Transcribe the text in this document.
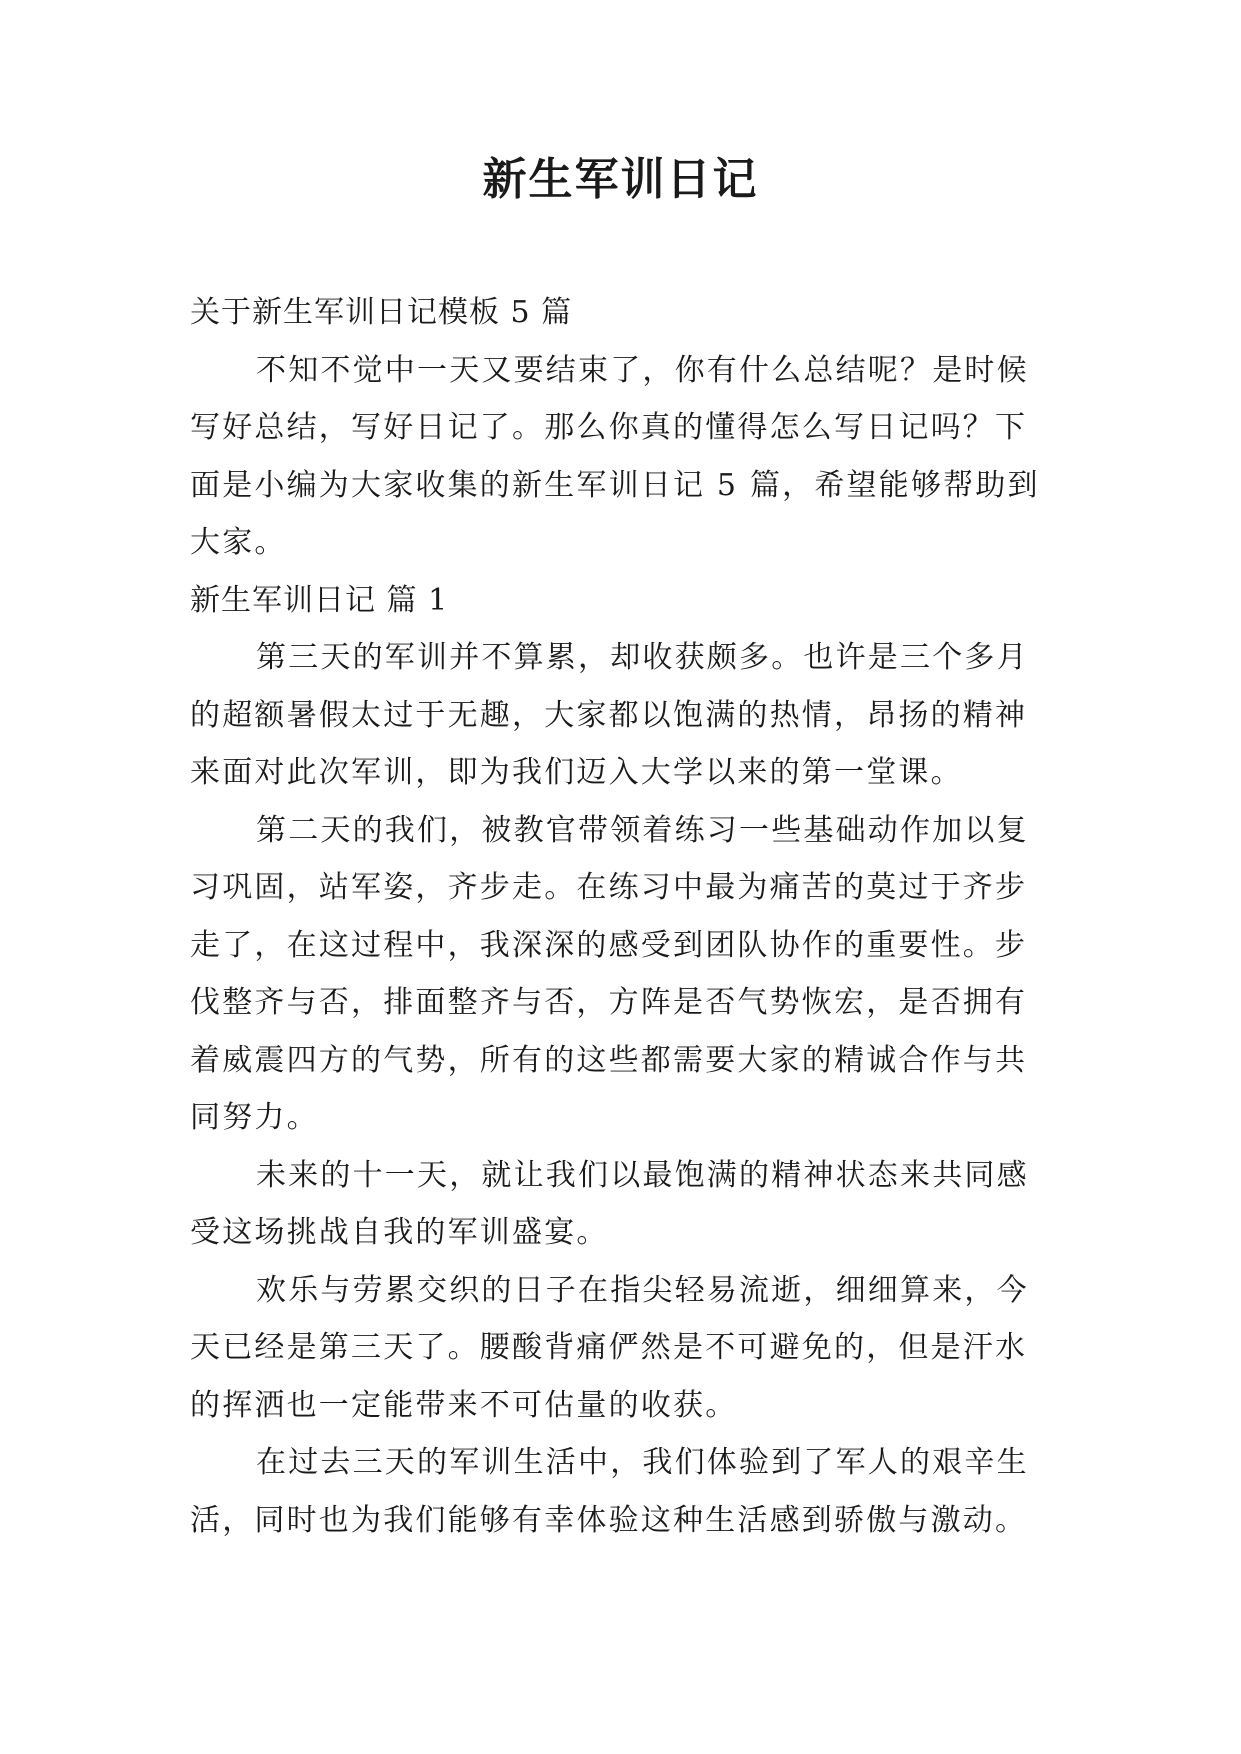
新生军训日记

关于新生军训日记模板 5 篇

不知不觉中一天又要结束了，你有什么总结呢？是时候

写好总结，写好日记了。那么你真的懂得怎么写日记吗？下

面是小编为大家收集的新生军训日记 5 篇，希望能够帮助到

大家。

新生军训日记 篇 1

第三天的军训并不算累，却收获颇多。也许是三个多月

的超额暑假太过于无趣，大家都以饱满的热情，昂扬的精神

来面对此次军训，即为我们迈入大学以来的第一堂课。

第二天的我们，被教官带领着练习一些基础动作加以复

习巩固，站军姿，齐步走。在练习中最为痛苦的莫过于齐步

走了，在这过程中，我深深的感受到团队协作的重要性。步

伐整齐与否，排面整齐与否，方阵是否气势恢宏，是否拥有

着威震四方的气势，所有的这些都需要大家的精诚合作与共

同努力。

未来的十一天，就让我们以最饱满的精神状态来共同感

受这场挑战自我的军训盛宴。

欢乐与劳累交织的日子在指尖轻易流逝，细细算来，今

天已经是第三天了。腰酸背痛俨然是不可避免的，但是汗水

的挥洒也一定能带来不可估量的收获。

在过去三天的军训生活中，我们体验到了军人的艰辛生

活，同时也为我们能够有幸体验这种生活感到骄傲与激动。
